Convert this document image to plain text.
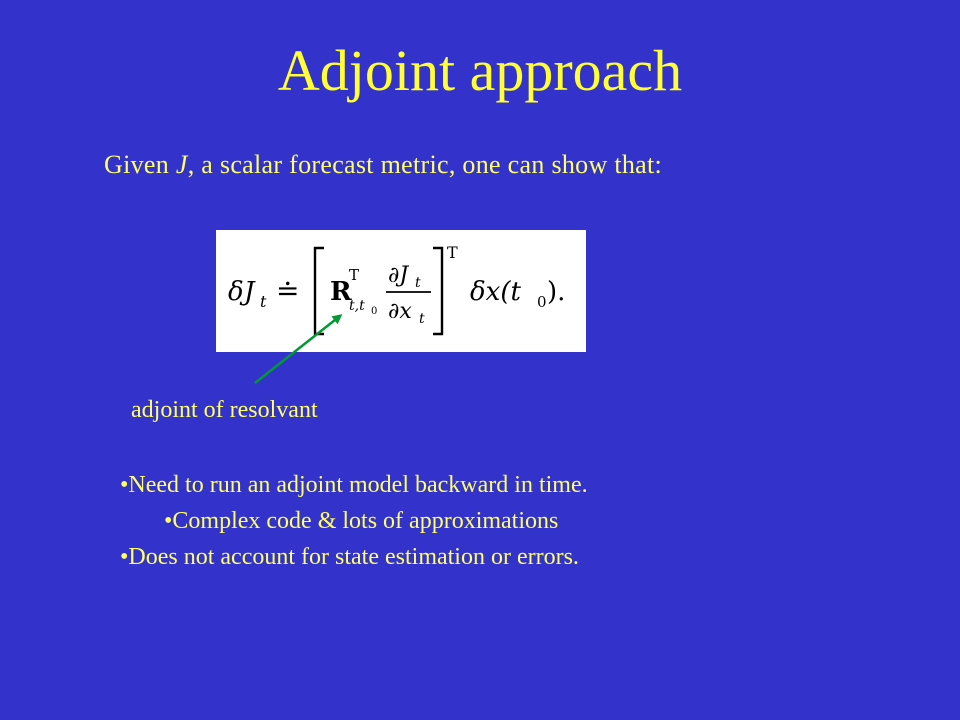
Adjoint approach
Given J, a scalar forecast metric, one can show that:
δ J t ≐ R
T
t,t 0
∂J t
∂x t
T
δx(t 0 ).
adjoint of resolvant
•Need to run an adjoint model backward in time.
•Complex code & lots of approximations
•Does not account for state estimation or errors.
